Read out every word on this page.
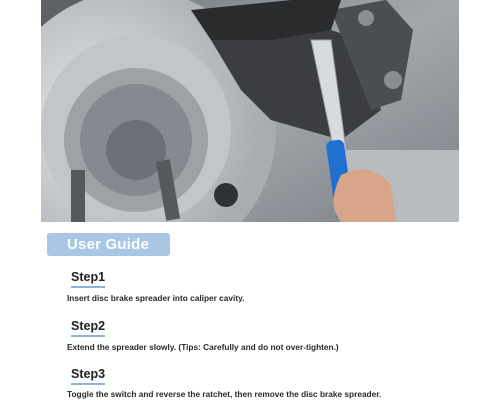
User Guide
Step1
Insert disc brake spreader into caliper cavity.
Step2
Extend the spreader slowly. (Tips: Carefully and do not over-tighten.)
Step3
Toggle the switch and reverse the ratchet, then remove the disc brake spreader.
